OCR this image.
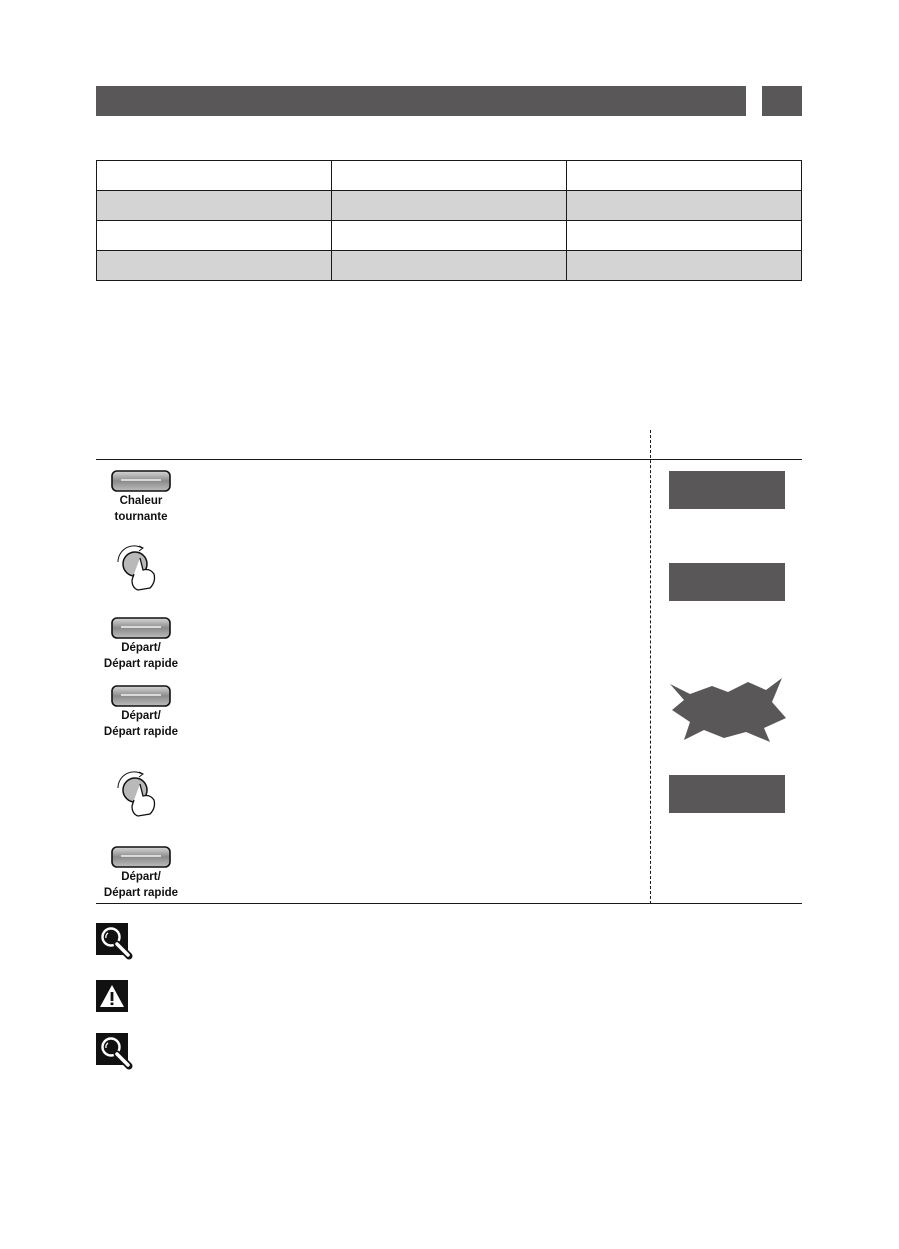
Chaleur
tournante
Départ/
Départ rapide
Départ/
Départ rapide
Départ/
Départ rapide
